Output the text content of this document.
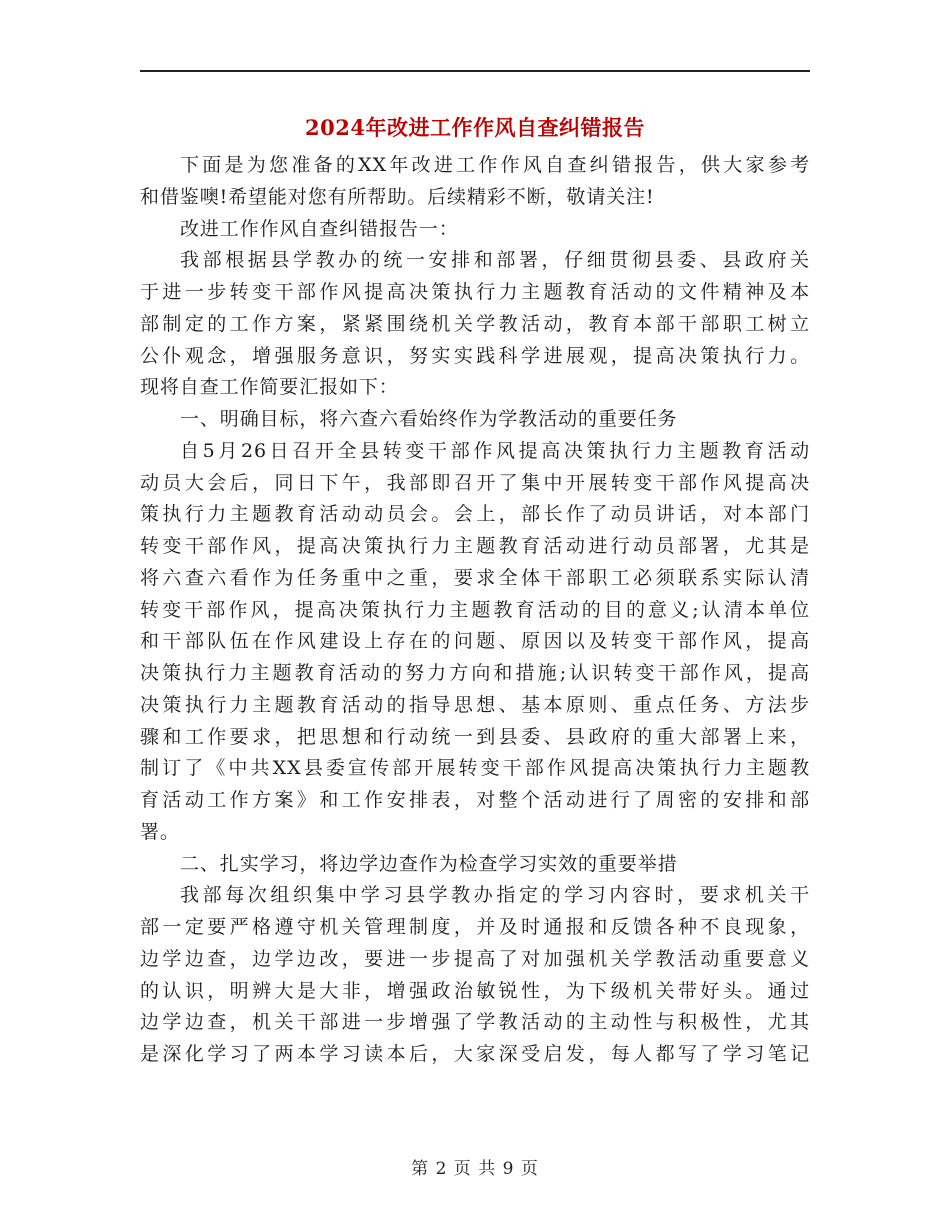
2024年改进工作作风自查纠错报告
下面是为您准备的XX年改进工作作风自查纠错报告，供大家参考
和借鉴噢!希望能对您有所帮助。后续精彩不断，敬请关注!
改进工作作风自查纠错报告一：
我部根据县学教办的统一安排和部署，仔细贯彻县委、县政府关
于进一步转变干部作风提高决策执行力主题教育活动的文件精神及本
部制定的工作方案，紧紧围绕机关学教活动，教育本部干部职工树立
公仆观念，增强服务意识，努实实践科学进展观，提高决策执行力。
现将自查工作简要汇报如下：
一、明确目标，将六查六看始终作为学教活动的重要任务
自5月26日召开全县转变干部作风提高决策执行力主题教育活动
动员大会后，同日下午，我部即召开了集中开展转变干部作风提高决
策执行力主题教育活动动员会。会上，部长作了动员讲话，对本部门
转变干部作风，提高决策执行力主题教育活动进行动员部署，尤其是
将六查六看作为任务重中之重，要求全体干部职工必须联系实际认清
转变干部作风，提高决策执行力主题教育活动的目的意义;认清本单位
和干部队伍在作风建设上存在的问题、原因以及转变干部作风，提高
决策执行力主题教育活动的努力方向和措施;认识转变干部作风，提高
决策执行力主题教育活动的指导思想、基本原则、重点任务、方法步
骤和工作要求，把思想和行动统一到县委、县政府的重大部署上来，
制订了《中共XX县委宣传部开展转变干部作风提高决策执行力主题教
育活动工作方案》和工作安排表，对整个活动进行了周密的安排和部
署。
二、扎实学习，将边学边查作为检查学习实效的重要举措
我部每次组织集中学习县学教办指定的学习内容时，要求机关干
部一定要严格遵守机关管理制度，并及时通报和反馈各种不良现象，
边学边查，边学边改，要进一步提高了对加强机关学教活动重要意义
的认识，明辨大是大非，增强政治敏锐性，为下级机关带好头。通过
边学边查，机关干部进一步增强了学教活动的主动性与积极性，尤其
是深化学习了两本学习读本后，大家深受启发，每人都写了学习笔记
第 2 页 共 9 页
